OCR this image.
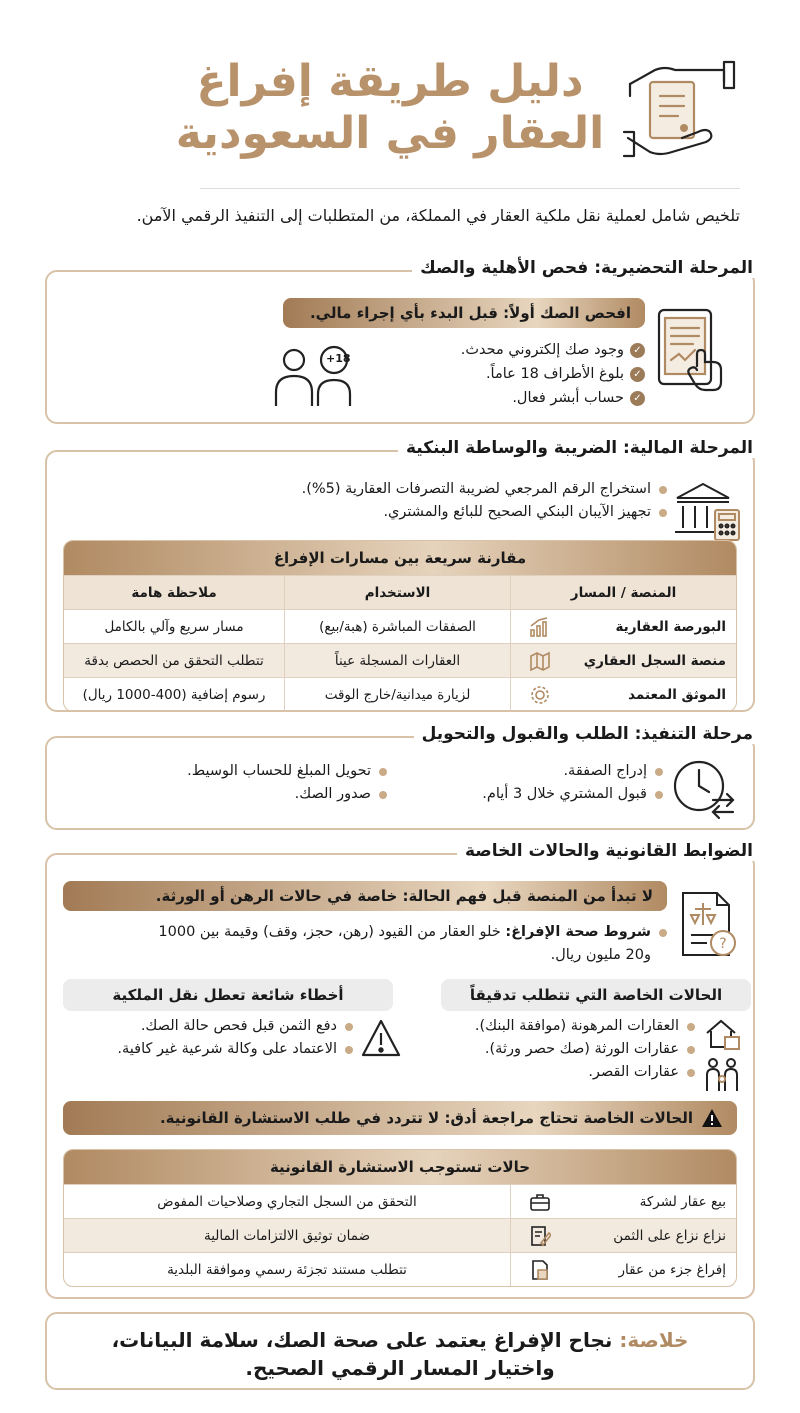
دليل طريقة إفراغ
العقار في السعودية
تلخيص شامل لعملية نقل ملكية العقار في المملكة، من المتطلبات إلى التنفيذ الرقمي الآمن.
المرحلة التحضيرية: فحص الأهلية والصك
افحص الصك أولاً: قبل البدء بأي إجراء مالي.
✓
وجود صك إلكتروني محدث.
✓
بلوغ الأطراف 18 عاماً.
✓
حساب أبشر فعال.
18+
المرحلة المالية: الضريبة والوساطة البنكية
استخراج الرقم المرجعي لضريبة التصرفات العقارية (5%).
تجهيز الآيبان البنكي الصحيح للبائع والمشتري.
مقارنة سريعة بين مسارات الإفراغ
المنصة / المسار
الاستخدام
ملاحظة هامة
البورصة العقارية
الصفقات المباشرة (هبة/بيع)
مسار سريع وآلي بالكامل
منصة السجل العقاري
العقارات المسجلة عيناً
تتطلب التحقق من الحصص بدقة
الموثق المعتمد
لزيارة ميدانية/خارج الوقت
رسوم إضافية (400-1000 ريال)
مرحلة التنفيذ: الطلب والقبول والتحويل
إدراج الصفقة.
قبول المشتري خلال 3 أيام.
تحويل المبلغ للحساب الوسيط.
صدور الصك.
الضوابط القانونية والحالات الخاصة
لا تبدأ من المنصة قبل فهم الحالة: خاصة في حالات الرهن أو الورثة.
?
شروط صحة الإفراغ: خلو العقار من القيود (رهن، حجز، وقف) وقيمة بين 1000 و20 مليون ريال.
الحالات الخاصة التي تتطلب تدقيقاً
أخطاء شائعة تعطل نقل الملكية
العقارات المرهونة (موافقة البنك).
عقارات الورثة (صك حصر ورثة).
عقارات القصر.
دفع الثمن قبل فحص حالة الصك.
الاعتماد على وكالة شرعية غير كافية.
الحالات الخاصة تحتاج مراجعة أدق: لا تتردد في طلب الاستشارة القانونية.
حالات تستوجب الاستشارة القانونية
بيع عقار لشركة
التحقق من السجل التجاري وصلاحيات المفوض
نزاع نزاع على الثمن
ضمان توثيق الالتزامات المالية
إفراغ جزء من عقار
تتطلب مستند تجزئة رسمي وموافقة البلدية
خلاصة: نجاح الإفراغ يعتمد على صحة الصك، سلامة البيانات،
واختيار المسار الرقمي الصحيح.
